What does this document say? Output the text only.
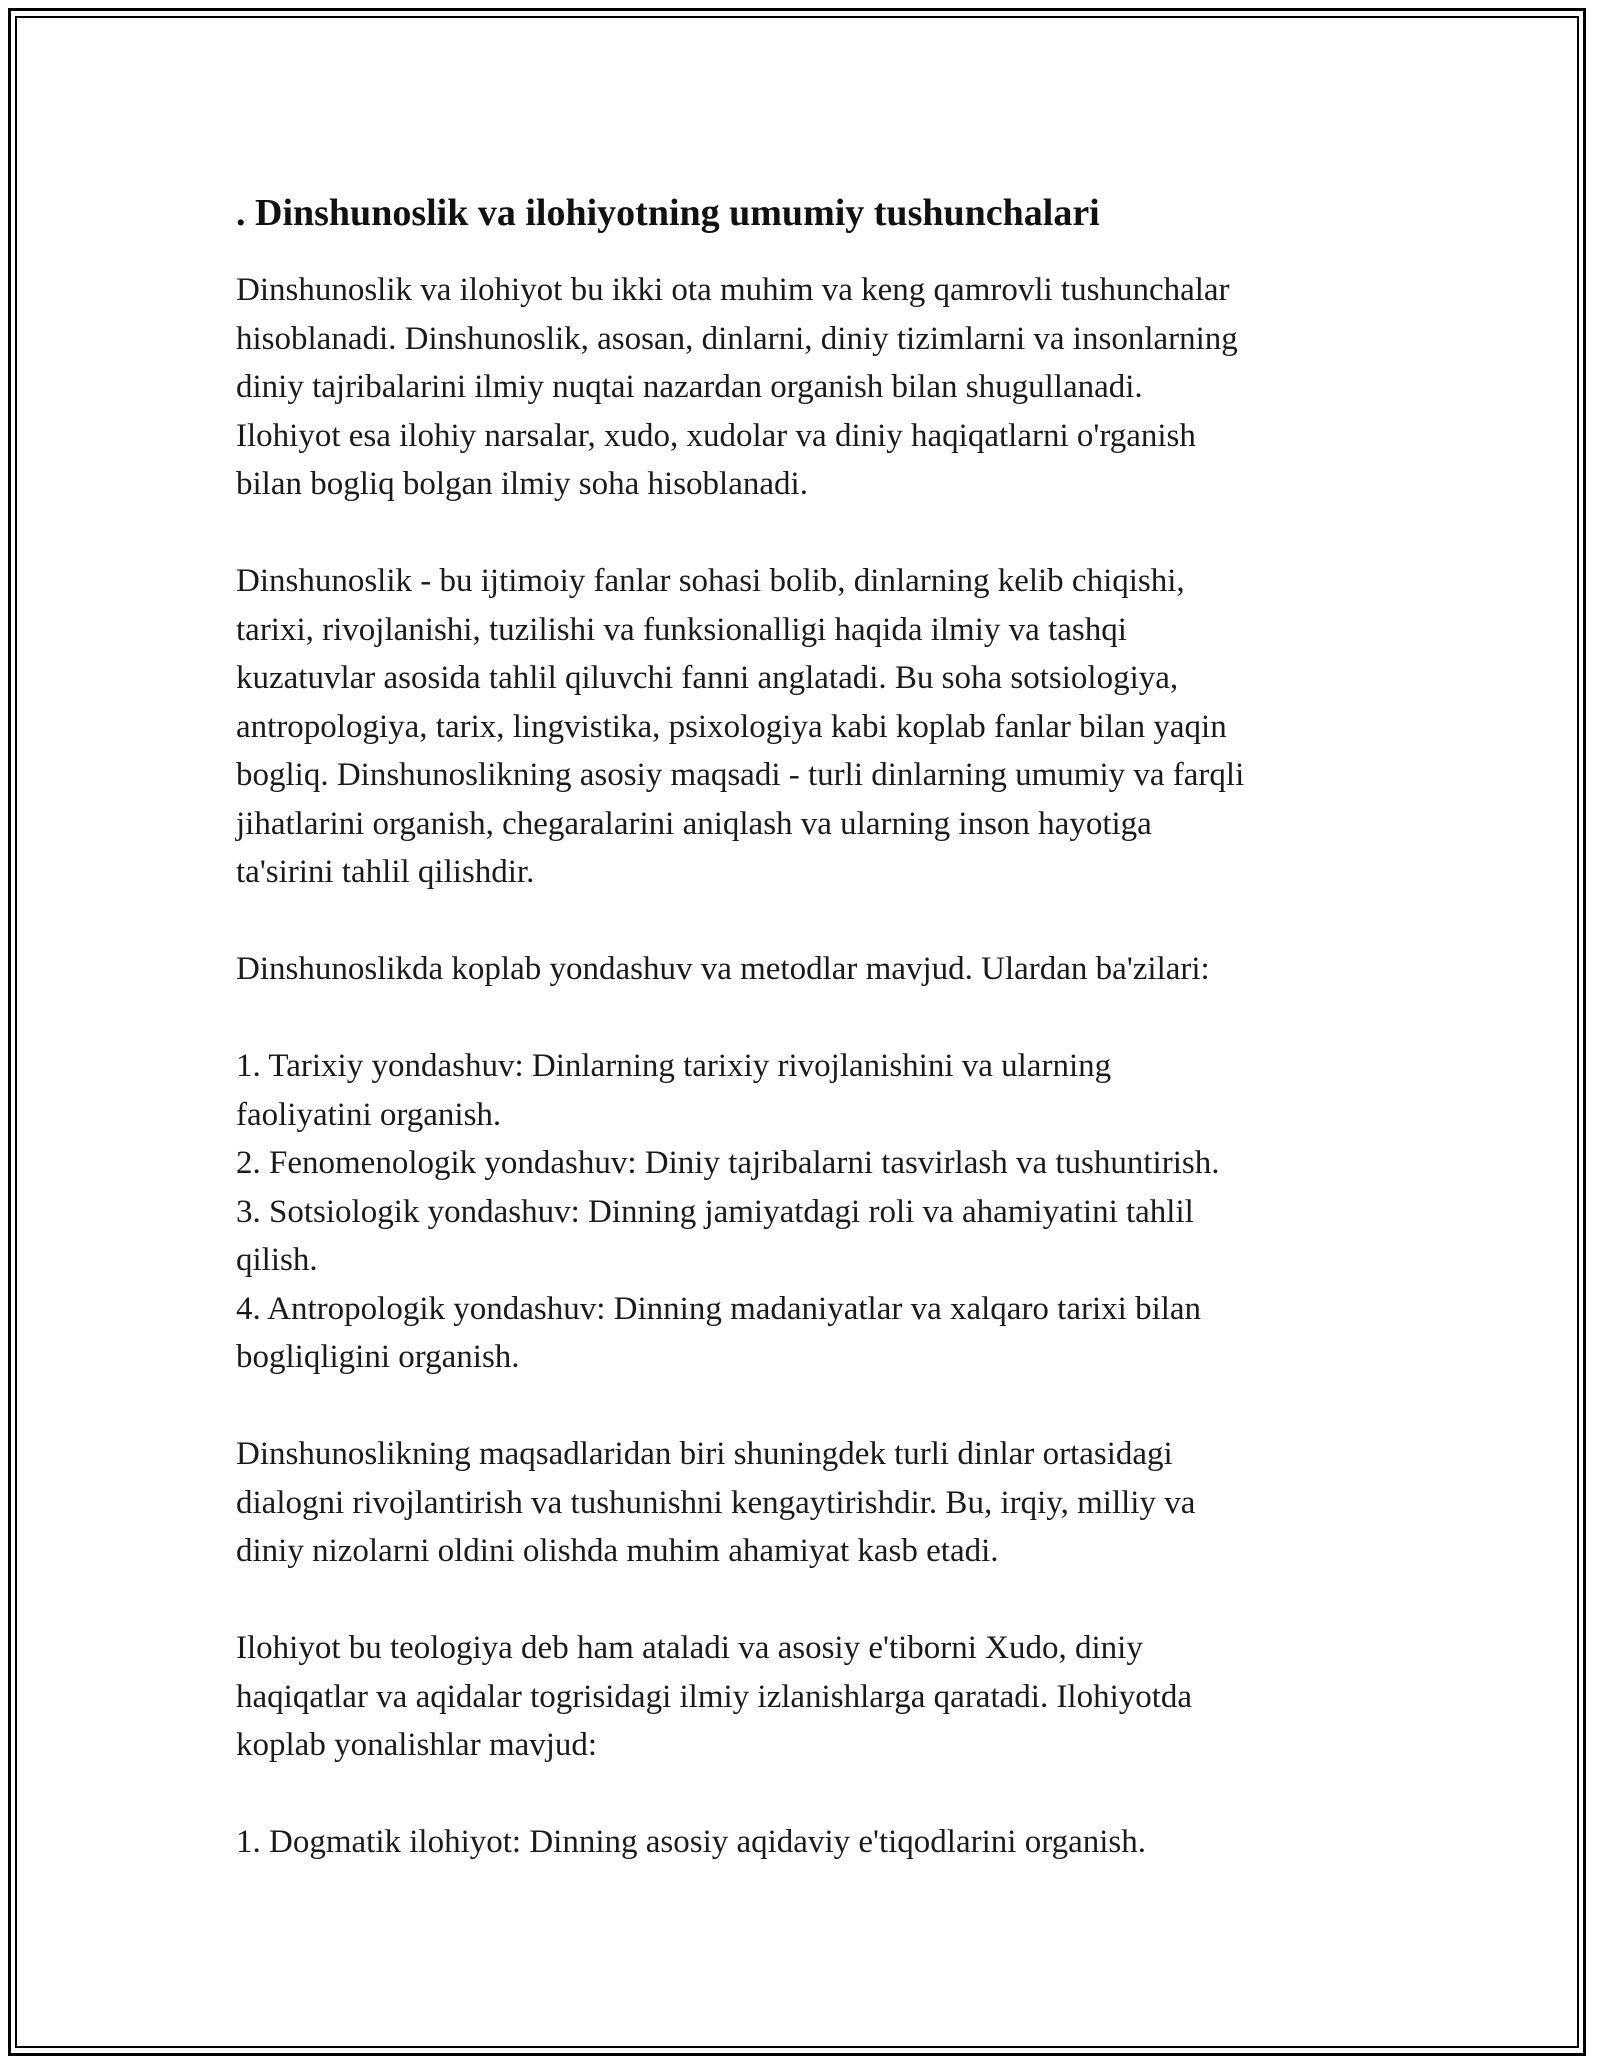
. Dinshunoslik va ilohiyotning umumiy tushunchalari

Dinshunoslik va ilohiyot bu ikki ota muhim va keng qamrovli tushunchalar
hisoblanadi. Dinshunoslik, asosan, dinlarni, diniy tizimlarni va insonlarning
diniy tajribalarini ilmiy nuqtai nazardan organish bilan shugullanadi.
Ilohiyot esa ilohiy narsalar, xudo, xudolar va diniy haqiqatlarni o'rganish
bilan bogliq bolgan ilmiy soha hisoblanadi.

Dinshunoslik - bu ijtimoiy fanlar sohasi bolib, dinlarning kelib chiqishi,
tarixi, rivojlanishi, tuzilishi va funksionalligi haqida ilmiy va tashqi
kuzatuvlar asosida tahlil qiluvchi fanni anglatadi. Bu soha sotsiologiya,
antropologiya, tarix, lingvistika, psixologiya kabi koplab fanlar bilan yaqin
bogliq. Dinshunoslikning asosiy maqsadi - turli dinlarning umumiy va farqli
jihatlarini organish, chegaralarini aniqlash va ularning inson hayotiga
ta'sirini tahlil qilishdir.

Dinshunoslikda koplab yondashuv va metodlar mavjud. Ulardan ba'zilari:

1. Tarixiy yondashuv: Dinlarning tarixiy rivojlanishini va ularning
faoliyatini organish.
2. Fenomenologik yondashuv: Diniy tajribalarni tasvirlash va tushuntirish.
3. Sotsiologik yondashuv: Dinning jamiyatdagi roli va ahamiyatini tahlil
qilish.
4. Antropologik yondashuv: Dinning madaniyatlar va xalqaro tarixi bilan
bogliqligini organish.

Dinshunoslikning maqsadlaridan biri shuningdek turli dinlar ortasidagi
dialogni rivojlantirish va tushunishni kengaytirishdir. Bu, irqiy, milliy va
diniy nizolarni oldini olishda muhim ahamiyat kasb etadi.

Ilohiyot bu teologiya deb ham ataladi va asosiy e'tiborni Xudo, diniy
haqiqatlar va aqidalar togrisidagi ilmiy izlanishlarga qaratadi. Ilohiyotda
koplab yonalishlar mavjud:

1. Dogmatik ilohiyot: Dinning asosiy aqidaviy e'tiqodlarini organish.
